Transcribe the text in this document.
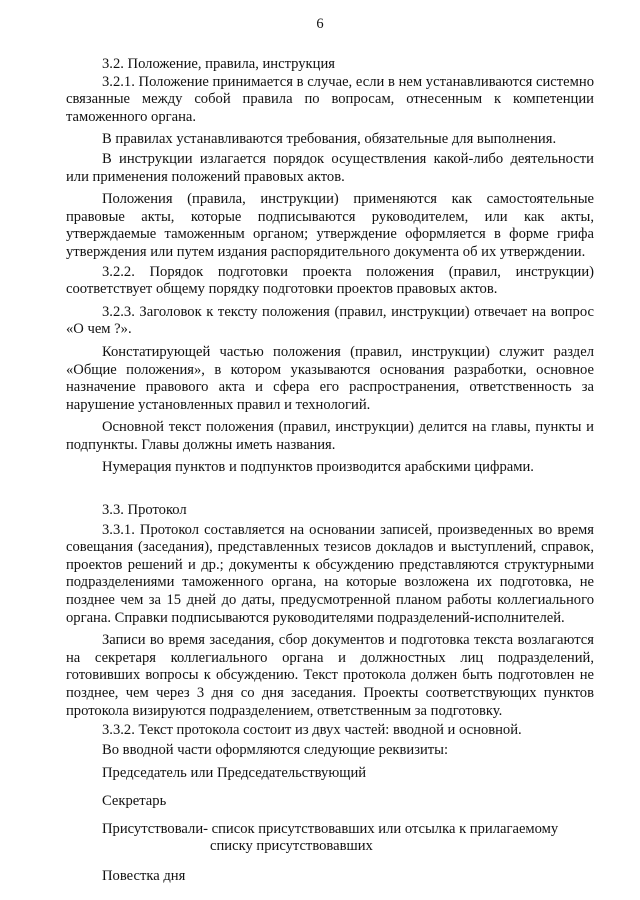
6

3.2. Положение, правила, инструкция

3.2.1. Положение принимается в случае, если в нем устанавливаются системно связанные между собой правила по вопросам, отнесенным к компетенции таможенного органа.

В правилах устанавливаются требования, обязательные для выполнения.

В инструкции излагается порядок осуществления какой-либо деятельности или применения положений правовых актов.

Положения (правила, инструкции) применяются как самостоятельные правовые акты, которые подписываются руководителем, или как акты, утверждаемые таможенным органом; утверждение оформляется в форме грифа утверждения или путем издания распорядительного документа об их утверждении.

3.2.2. Порядок подготовки проекта положения (правил, инструкции) соответствует общему порядку подготовки проектов правовых актов.

3.2.3. Заголовок к тексту положения (правил, инструкции) отвечает на вопрос «О чем ?».

Констатирующей частью положения (правил, инструкции) служит раздел «Общие положения», в котором указываются основания разработки, основное назначение правового акта и сфера его распространения, ответственность за нарушение установленных правил и технологий.

Основной текст положения (правил, инструкции) делится на главы, пункты и подпункты. Главы должны иметь названия.

Нумерация пунктов и подпунктов производится арабскими цифрами.

3.3. Протокол

3.3.1. Протокол составляется на основании записей, произведенных во время совещания (заседания), представленных тезисов докладов и выступлений, справок, проектов решений и др.; документы к обсуждению представляются структурными подразделениями таможенного органа, на которые возложена их подготовка, не позднее чем за 15 дней до даты, предусмотренной планом работы коллегиального органа. Справки подписываются руководителями подразделений-исполнителей.

Записи во время заседания, сбор документов и подготовка текста возлагаются на секретаря коллегиального органа и должностных лиц подразделений, готовивших вопросы к обсуждению. Текст протокола должен быть подготовлен не позднее, чем через 3 дня со дня заседания. Проекты соответствующих пунктов протокола визируются подразделением, ответственным за подготовку.

3.3.2. Текст протокола состоит из двух частей: вводной и основной.

Во вводной части оформляются следующие реквизиты:

Председатель или Председательствующий

Секретарь

Присутствовали- список присутствовавших или отсылка к прилагаемому

списку присутствовавших

Повестка дня
